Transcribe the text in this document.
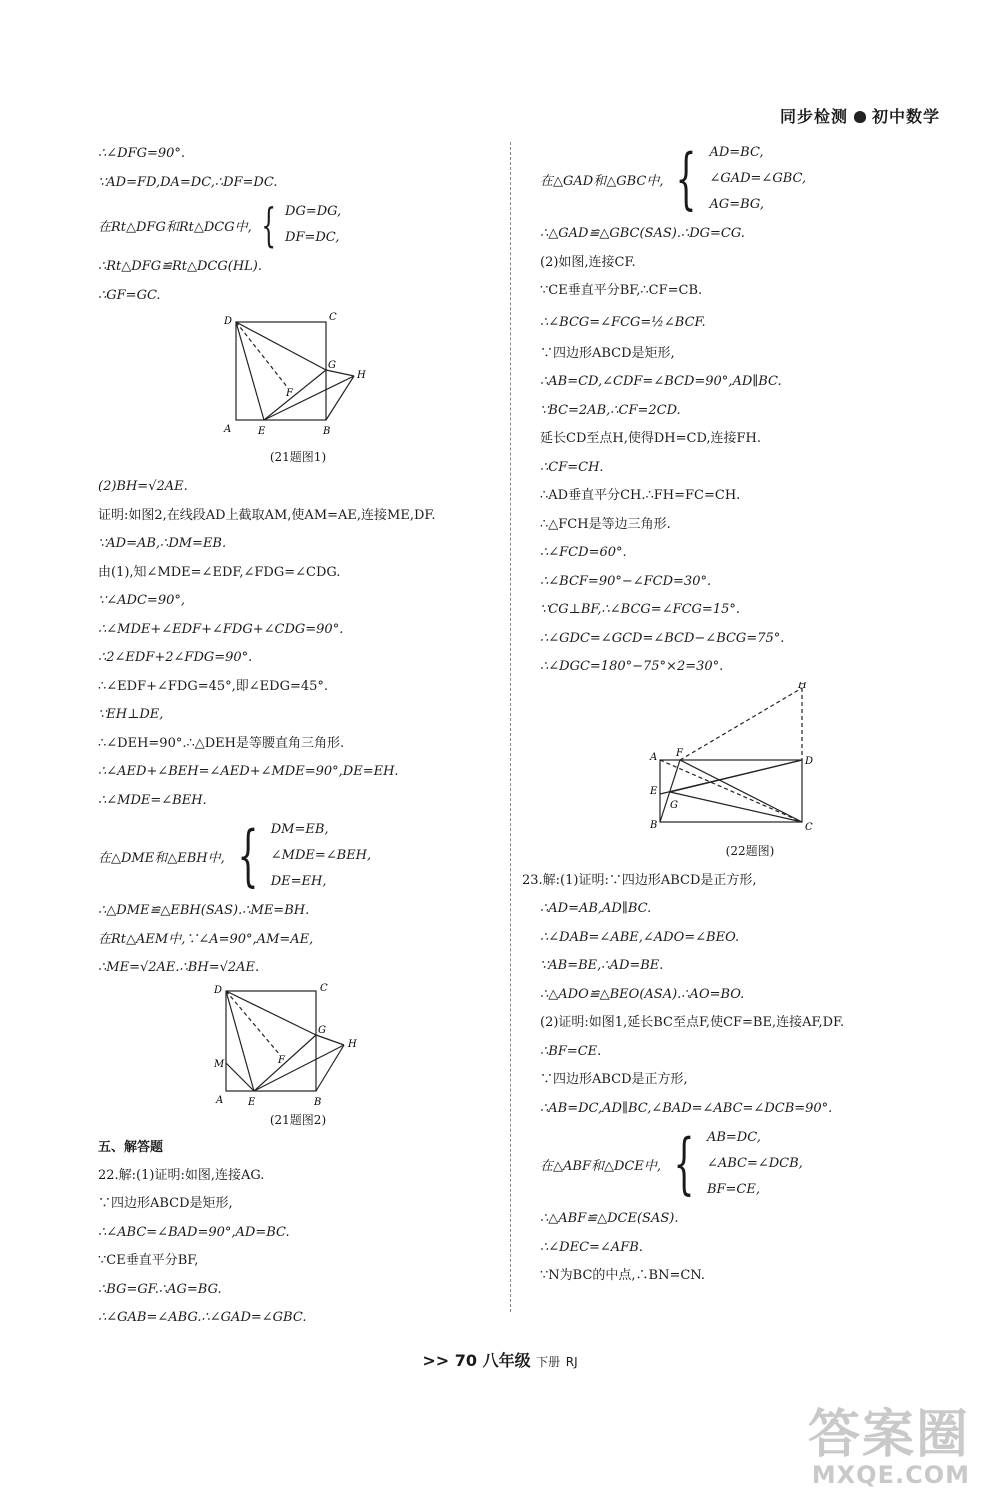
同步检测 初中数学
∴∠DFG=90°.
∵AD=FD,DA=DC,∴DF=DC.
在Rt△DFG和Rt△DCG中, { DG=DG,
DF=DC,
∴Rt△DFG≌Rt△DCG(HL).
∴GF=GC.
D	C
G
H
F
A	E	B
(21题图1)
(2)BH=√2AE.
证明:如图2,在线段AD上截取AM,使AM=AE,连接ME,DF.
∵AD=AB,∴DM=EB.
由(1),知∠MDE=∠EDF,∠FDG=∠CDG.
∵∠ADC=90°,
∴∠MDE+∠EDF+∠FDG+∠CDG=90°.
∴2∠EDF+2∠FDG=90°.
∴∠EDF+∠FDG=45°,即∠EDG=45°.
∵EH⊥DE,
∴∠DEH=90°.∴△DEH是等腰直角三角形.
∴∠AED+∠BEH=∠AED+∠MDE=90°,DE=EH.
∴∠MDE=∠BEH.
在△DME和△EBH中, { DM=EB,
∠MDE=∠BEH,
DE=EH,
∴△DME≌△EBH(SAS).∴ME=BH.
在Rt△AEM中,∵∠A=90°,AM=AE,
∴ME=√2AE.∴BH=√2AE.
D	C
G
H
F
M
A E	B
(21题图2)
五、解答题
22.解:(1)证明:如图,连接AG.
∵四边形ABCD是矩形,
∴∠ABC=∠BAD=90°,AD=BC.
∵CE垂直平分BF,
∴BG=GF.∴AG=BG.
∴∠GAB=∠ABG.∴∠GAD=∠GBC.
在△GAD和△GBC中, { AD=BC,
∠GAD=∠GBC,
AG=BG,
∴△GAD≌△GBC(SAS).∴DG=CG.
(2)如图,连接CF.
∵CE垂直平分BF,∴CF=CB.
∴∠BCG=∠FCG=½∠BCF.
∵四边形ABCD是矩形,
∴AB=CD,∠CDF=∠BCD=90°,AD∥BC.
∵BC=2AB,∴CF=2CD.
延长CD至点H,使得DH=CD,连接FH.
∴CF=CH.
∴AD垂直平分CH.∴FH=FC=CH.
∴△FCH是等边三角形.
∴∠FCD=60°.
∴∠BCF=90°−∠FCD=30°.
∵CG⊥BF,∴∠BCG=∠FCG=15°.
∴∠GDC=∠GCD=∠BCD−∠BCG=75°.
∴∠DGC=180°−75°×2=30°.
H
A F
D
E
G
B	C
(22题图)
23.解:(1)证明:∵四边形ABCD是正方形,
∴AD=AB,AD∥BC.
∴∠DAB=∠ABE,∠ADO=∠BEO.
∵AB=BE,∴AD=BE.
∴△ADO≌△BEO(ASA).∴AO=BO.
(2)证明:如图1,延长BC至点F,使CF=BE,连接AF,DF.
∴BF=CE.
∵四边形ABCD是正方形,
∴AB=DC,AD∥BC,∠BAD=∠ABC=∠DCB=90°.
在△ABF和△DCE中, { AB=DC,
∠ABC=∠DCB,
BF=CE,
∴△ABF≌△DCE(SAS).
∴∠DEC=∠AFB.
∵N为BC的中点,∴BN=CN.
>> 70 八年级 下册 RJ
答案圈
MXQE.COM
